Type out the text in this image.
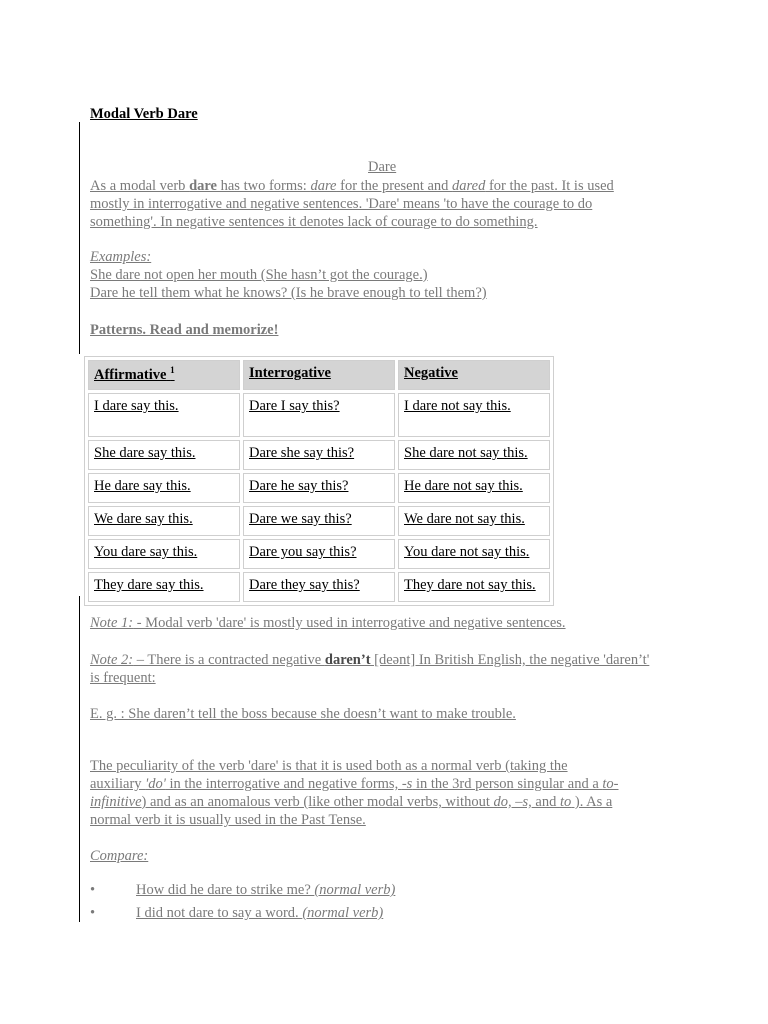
Modal Verb Dare
Dare
As a modal verb dare has two forms: dare for the present and dared for the past. It is used
mostly in interrogative and negative sentences. 'Dare' means 'to have the courage to do
something'. In negative sentences it denotes lack of courage to do something.
Examples:
She dare not open her mouth (She hasn’t got the courage.)
Dare he tell them what he knows? (Is he brave enough to tell them?)
Patterns. Read and memorize!
Affirmative $^1$	Interrogative	Negative
I dare say this.	Dare I say this?	I dare not say this.
She dare say this.	Dare she say this?	She dare not say this.
He dare say this.	Dare he say this?	He dare not say this.
We dare say this.	Dare we say this?	We dare not say this.
You dare say this.	Dare you say this?	You dare not say this.
They dare say this.	Dare they say this?	They dare not say this.
Note 1: - Modal verb 'dare' is mostly used in interrogative and negative sentences.
Note 2: – There is a contracted negative daren’t [deənt] In British English, the negative 'daren’t'
is frequent:
E. g. : She daren’t tell the boss because she doesn’t want to make trouble.
The peculiarity of the verb 'dare' is that it is used both as a normal verb (taking the
auxiliary 'do' in the interrogative and negative forms, -s in the 3rd person singular and a to-
infinitive) and as an anomalous verb (like other modal verbs, without do, –s, and to ). As a
normal verb it is usually used in the Past Tense.
Compare:
•	How did he dare to strike me? (normal verb)
•	I did not dare to say a word. (normal verb)
